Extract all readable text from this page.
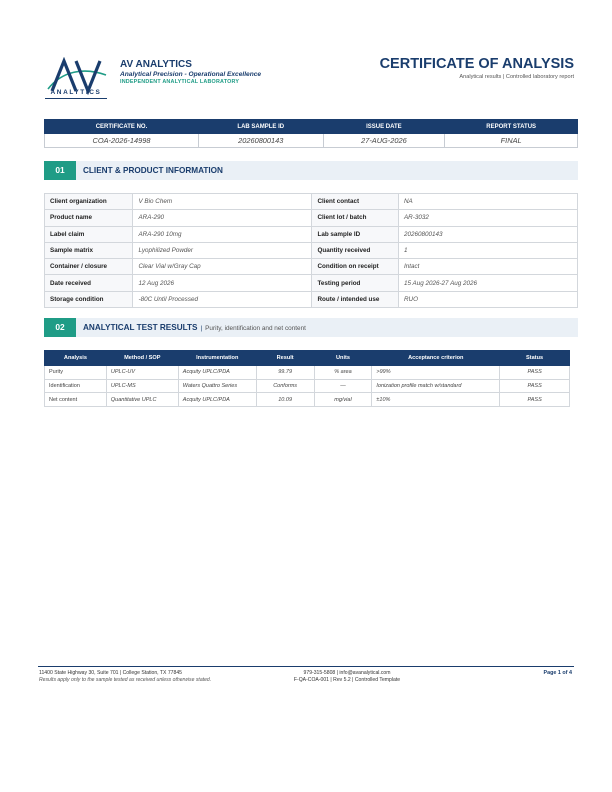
ANALYTICS
AV ANALYTICS
Analytical Precision - Operational Excellence
INDEPENDENT ANALYTICAL LABORATORY
CERTIFICATE OF ANALYSIS
Analytical results | Controlled laboratory report
CERTIFICATE NO.	LAB SAMPLE ID	ISSUE DATE	REPORT STATUS
COA-2026-14998	20260800143	27-AUG-2026	FINAL
01	CLIENT & PRODUCT INFORMATION
Client organization	V Bio Chem	Client contact	NA
Product name	ARA-290	Client lot / batch	AR-3032
Label claim	ARA-290 10mg	Lab sample ID	20260800143
Sample matrix	Lyophilized Powder	Quantity received	1
Container / closure	Clear Vial w/Gray Cap	Condition on receipt	Intact
Date received	12 Aug 2026	Testing period	15 Aug 2026-27 Aug 2026
Storage condition	-80C Until Processed	Route / intended use	RUO
02	ANALYTICAL TEST RESULTS | Purity, identification and net content
Analysis	Method / SOP	Instrumentation	Result	Units	Acceptance criterion	Status
Purity	UPLC-UV	Acquity UPLC/PDA	99.79	% area	>99%	PASS
Identification	UPLC-MS	Waters Quattro Series	Conforms	—	Ionization profile match w/standard	PASS
Net content	Quantitative UPLC	Acquity UPLC/PDA	10.09	mg/vial	±10%	PASS
11400 State Highway 30, Suite 701 | College Station, TX 77845
Results apply only to the sample tested as received unless otherwise stated.
979-315-5808 | info@avanalytical.com
F-QA-COA-001 | Rev 5.2 | Controlled Template
Page 1 of 4
